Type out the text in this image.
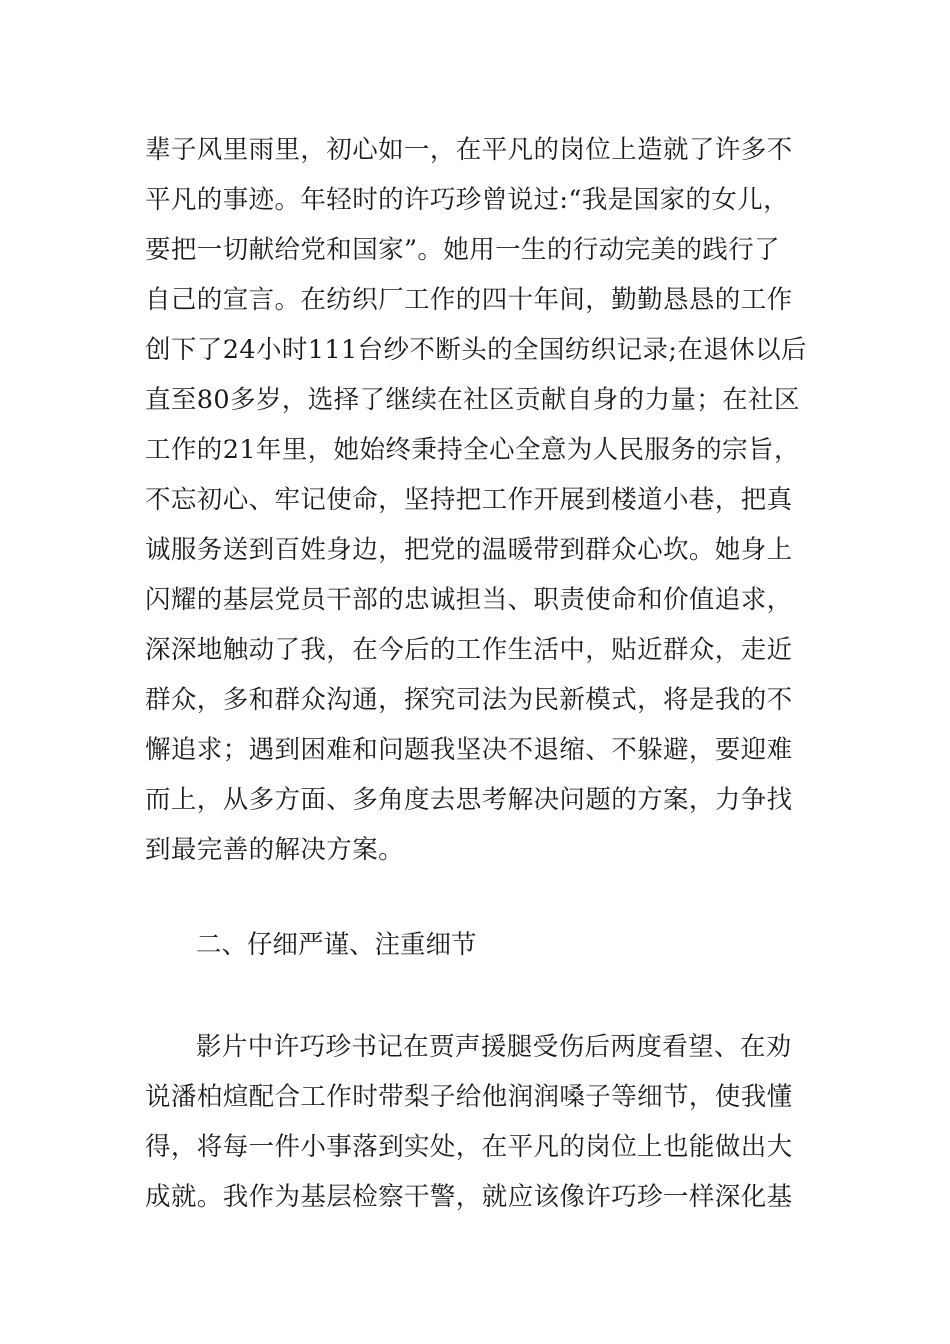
辈子风里雨里，初心如一，在平凡的岗位上造就了许多不
平凡的事迹。年轻时的许巧珍曾说过:“我是国家的女儿，
要把一切献给党和国家”。她用一生的行动完美的践行了
自己的宣言。在纺织厂工作的四十年间，勤勤恳恳的工作
创下了24小时111台纱不断头的全国纺织记录;在退休以后
直至80多岁，选择了继续在社区贡献自身的力量；在社区
工作的21年里，她始终秉持全心全意为人民服务的宗旨，
不忘初心、牢记使命，坚持把工作开展到楼道小巷，把真
诚服务送到百姓身边，把党的温暖带到群众心坎。她身上
闪耀的基层党员干部的忠诚担当、职责使命和价值追求，
深深地触动了我，在今后的工作生活中，贴近群众，走近
群众，多和群众沟通，探究司法为民新模式，将是我的不
懈追求；遇到困难和问题我坚决不退缩、不躲避，要迎难
而上，从多方面、多角度去思考解决问题的方案，力争找
到最完善的解决方案。
二、仔细严谨、注重细节
影片中许巧珍书记在贾声援腿受伤后两度看望、在劝
说潘柏煊配合工作时带梨子给他润润嗓子等细节，使我懂
得，将每一件小事落到实处，在平凡的岗位上也能做出大
成就。我作为基层检察干警，就应该像许巧珍一样深化基
